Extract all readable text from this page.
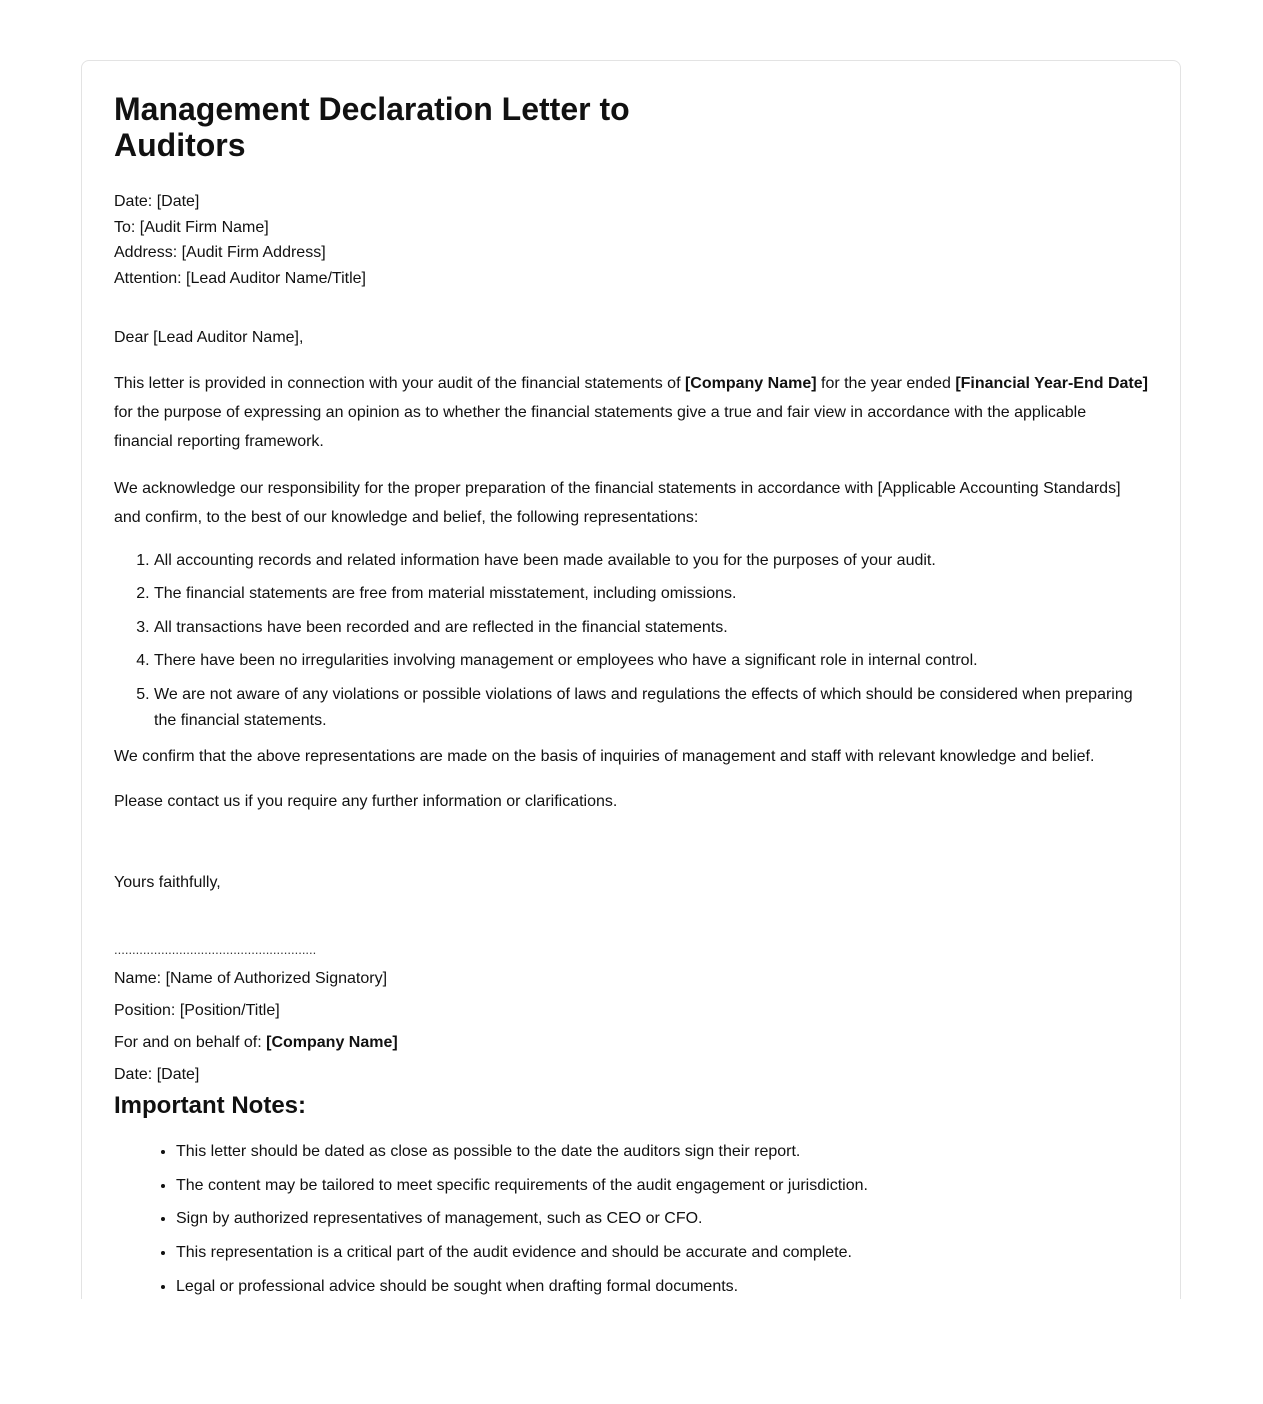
Management Declaration Letter to Auditors
Date: [Date]
To: [Audit Firm Name]
Address: [Audit Firm Address]
Attention: [Lead Auditor Name/Title]
Dear [Lead Auditor Name],

This letter is provided in connection with your audit of the financial statements of [Company Name] for the year ended [Financial Year-End Date] for the purpose of expressing an opinion as to whether the financial statements give a true and fair view in accordance with the applicable financial reporting framework.

We acknowledge our responsibility for the proper preparation of the financial statements in accordance with [Applicable Accounting Standards] and confirm, to the best of our knowledge and belief, the following representations:

1. All accounting records and related information have been made available to you for the purposes of your audit.
2. The financial statements are free from material misstatement, including omissions.
3. All transactions have been recorded and are reflected in the financial statements.
4. There have been no irregularities involving management or employees who have a significant role in internal control.
5. We are not aware of any violations or possible violations of laws and regulations the effects of which should be considered when preparing the financial statements.

We confirm that the above representations are made on the basis of inquiries of management and staff with relevant knowledge and belief.

Please contact us if you require any further information or clarifications.

Yours faithfully,
........................................................
Name: [Name of Authorized Signatory]
Position: [Position/Title]
For and on behalf of: [Company Name]
Date: [Date]
Important Notes:
• This letter should be dated as close as possible to the date the auditors sign their report.
• The content may be tailored to meet specific requirements of the audit engagement or jurisdiction.
• Sign by authorized representatives of management, such as CEO or CFO.
• This representation is a critical part of the audit evidence and should be accurate and complete.
• Legal or professional advice should be sought when drafting formal documents.
